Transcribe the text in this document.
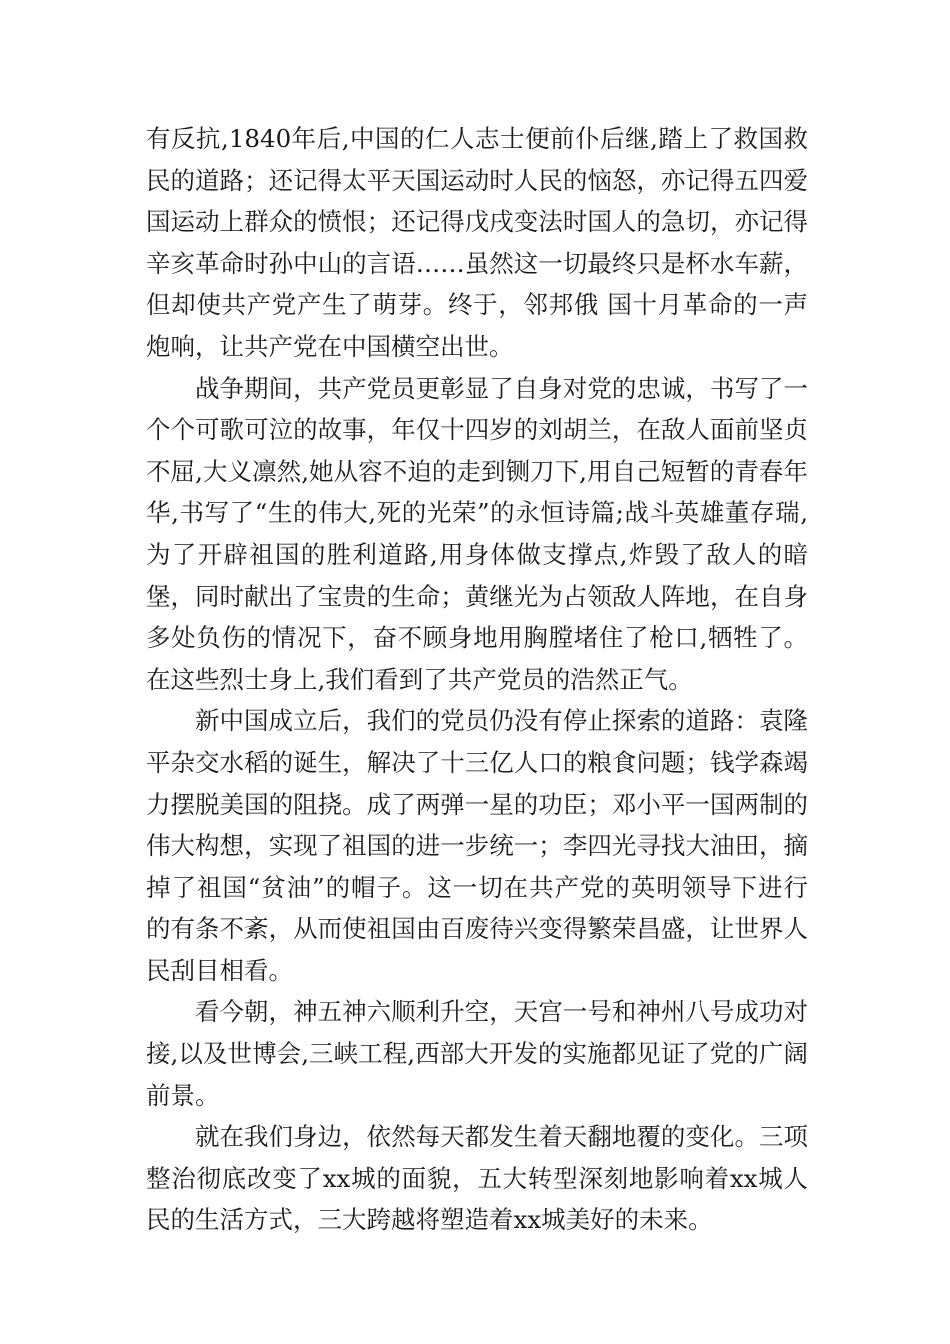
有反抗,1840年后,中国的仁人志士便前仆后继,踏上了救国救民的道路；还记得太平天国运动时人民的恼怒，亦记得五四爱国运动上群众的愤恨；还记得戊戌变法时国人的急切，亦记得辛亥革命时孙中山的言语……虽然这一切最终只是杯水车薪，但却使共产党产生了萌芽。终于，邻邦俄 国十月革命的一声炮响，让共产党在中国横空出世。

战争期间，共产党员更彰显了自身对党的忠诚，书写了一个个可歌可泣的故事，年仅十四岁的刘胡兰，在敌人面前坚贞不屈,大义凛然,她从容不迫的走到铡刀下,用自己短暂的青春年华,书写了“生的伟大,死的光荣”的永恒诗篇;战斗英雄董存瑞,为了开辟祖国的胜利道路,用身体做支撑点,炸毁了敌人的暗堡，同时献出了宝贵的生命；黄继光为占领敌人阵地，在自身多处负伤的情况下，奋不顾身地用胸膛堵住了枪口,牺牲了。在这些烈士身上,我们看到了共产党员的浩然正气。

新中国成立后，我们的党员仍没有停止探索的道路：袁隆平杂交水稻的诞生，解决了十三亿人口的粮食问题；钱学森竭力摆脱美国的阻挠。成了两弹一星的功臣；邓小平一国两制的伟大构想，实现了祖国的进一步统一；李四光寻找大油田，摘掉了祖国“贫油”的帽子。这一切在共产党的英明领导下进行的有条不紊，从而使祖国由百废待兴变得繁荣昌盛，让世界人民刮目相看。

看今朝，神五神六顺利升空，天宫一号和神州八号成功对接,以及世博会,三峡工程,西部大开发的实施都见证了党的广阔前景。

就在我们身边，依然每天都发生着天翻地覆的变化。三项整治彻底改变了xx城的面貌，五大转型深刻地影响着xx城人民的生活方式，三大跨越将塑造着xx城美好的未来。
